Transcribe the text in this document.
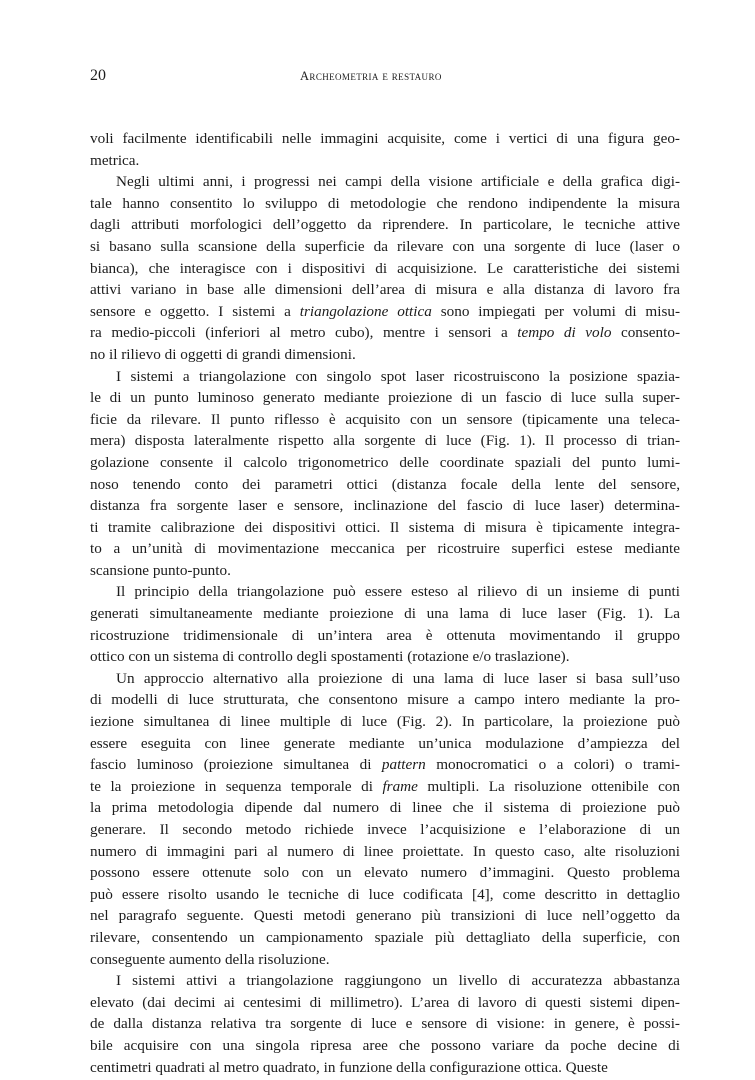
20	Archeometria e restauro

voli facilmente identificabili nelle immagini acquisite, come i vertici di una figura geo-
metrica.

Negli ultimi anni, i progressi nei campi della visione artificiale e della grafica digi-
tale hanno consentito lo sviluppo di metodologie che rendono indipendente la misura
dagli attributi morfologici dell’oggetto da riprendere. In particolare, le tecniche attive
si basano sulla scansione della superficie da rilevare con una sorgente di luce (laser o
bianca), che interagisce con i dispositivi di acquisizione. Le caratteristiche dei sistemi
attivi variano in base alle dimensioni dell’area di misura e alla distanza di lavoro fra
sensore e oggetto. I sistemi a triangolazione ottica sono impiegati per volumi di misu-
ra medio-piccoli (inferiori al metro cubo), mentre i sensori a tempo di volo consento-
no il rilievo di oggetti di grandi dimensioni.

I sistemi a triangolazione con singolo spot laser ricostruiscono la posizione spazia-
le di un punto luminoso generato mediante proiezione di un fascio di luce sulla super-
ficie da rilevare. Il punto riflesso è acquisito con un sensore (tipicamente una teleca-
mera) disposta lateralmente rispetto alla sorgente di luce (Fig. 1). Il processo di trian-
golazione consente il calcolo trigonometrico delle coordinate spaziali del punto lumi-
noso tenendo conto dei parametri ottici (distanza focale della lente del sensore,
distanza fra sorgente laser e sensore, inclinazione del fascio di luce laser) determina-
ti tramite calibrazione dei dispositivi ottici. Il sistema di misura è tipicamente integra-
to a un’unità di movimentazione meccanica per ricostruire superfici estese mediante
scansione punto-punto.

Il principio della triangolazione può essere esteso al rilievo di un insieme di punti
generati simultaneamente mediante proiezione di una lama di luce laser (Fig. 1). La
ricostruzione tridimensionale di un’intera area è ottenuta movimentando il gruppo
ottico con un sistema di controllo degli spostamenti (rotazione e/o traslazione).

Un approccio alternativo alla proiezione di una lama di luce laser si basa sull’uso
di modelli di luce strutturata, che consentono misure a campo intero mediante la pro-
iezione simultanea di linee multiple di luce (Fig. 2). In particolare, la proiezione può
essere eseguita con linee generate mediante un’unica modulazione d’ampiezza del
fascio luminoso (proiezione simultanea di pattern monocromatici o a colori) o trami-
te la proiezione in sequenza temporale di frame multipli. La risoluzione ottenibile con
la prima metodologia dipende dal numero di linee che il sistema di proiezione può
generare. Il secondo metodo richiede invece l’acquisizione e l’elaborazione di un
numero di immagini pari al numero di linee proiettate. In questo caso, alte risoluzioni
possono essere ottenute solo con un elevato numero d’immagini. Questo problema
può essere risolto usando le tecniche di luce codificata [4], come descritto in dettaglio
nel paragrafo seguente. Questi metodi generano più transizioni di luce nell’oggetto da
rilevare, consentendo un campionamento spaziale più dettagliato della superficie, con
conseguente aumento della risoluzione.

I sistemi attivi a triangolazione raggiungono un livello di accuratezza abbastanza
elevato (dai decimi ai centesimi di millimetro). L’area di lavoro di questi sistemi dipen-
de dalla distanza relativa tra sorgente di luce e sensore di visione: in genere, è possi-
bile acquisire con una singola ripresa aree che possono variare da poche decine di
centimetri quadrati al metro quadrato, in funzione della configurazione ottica. Queste
